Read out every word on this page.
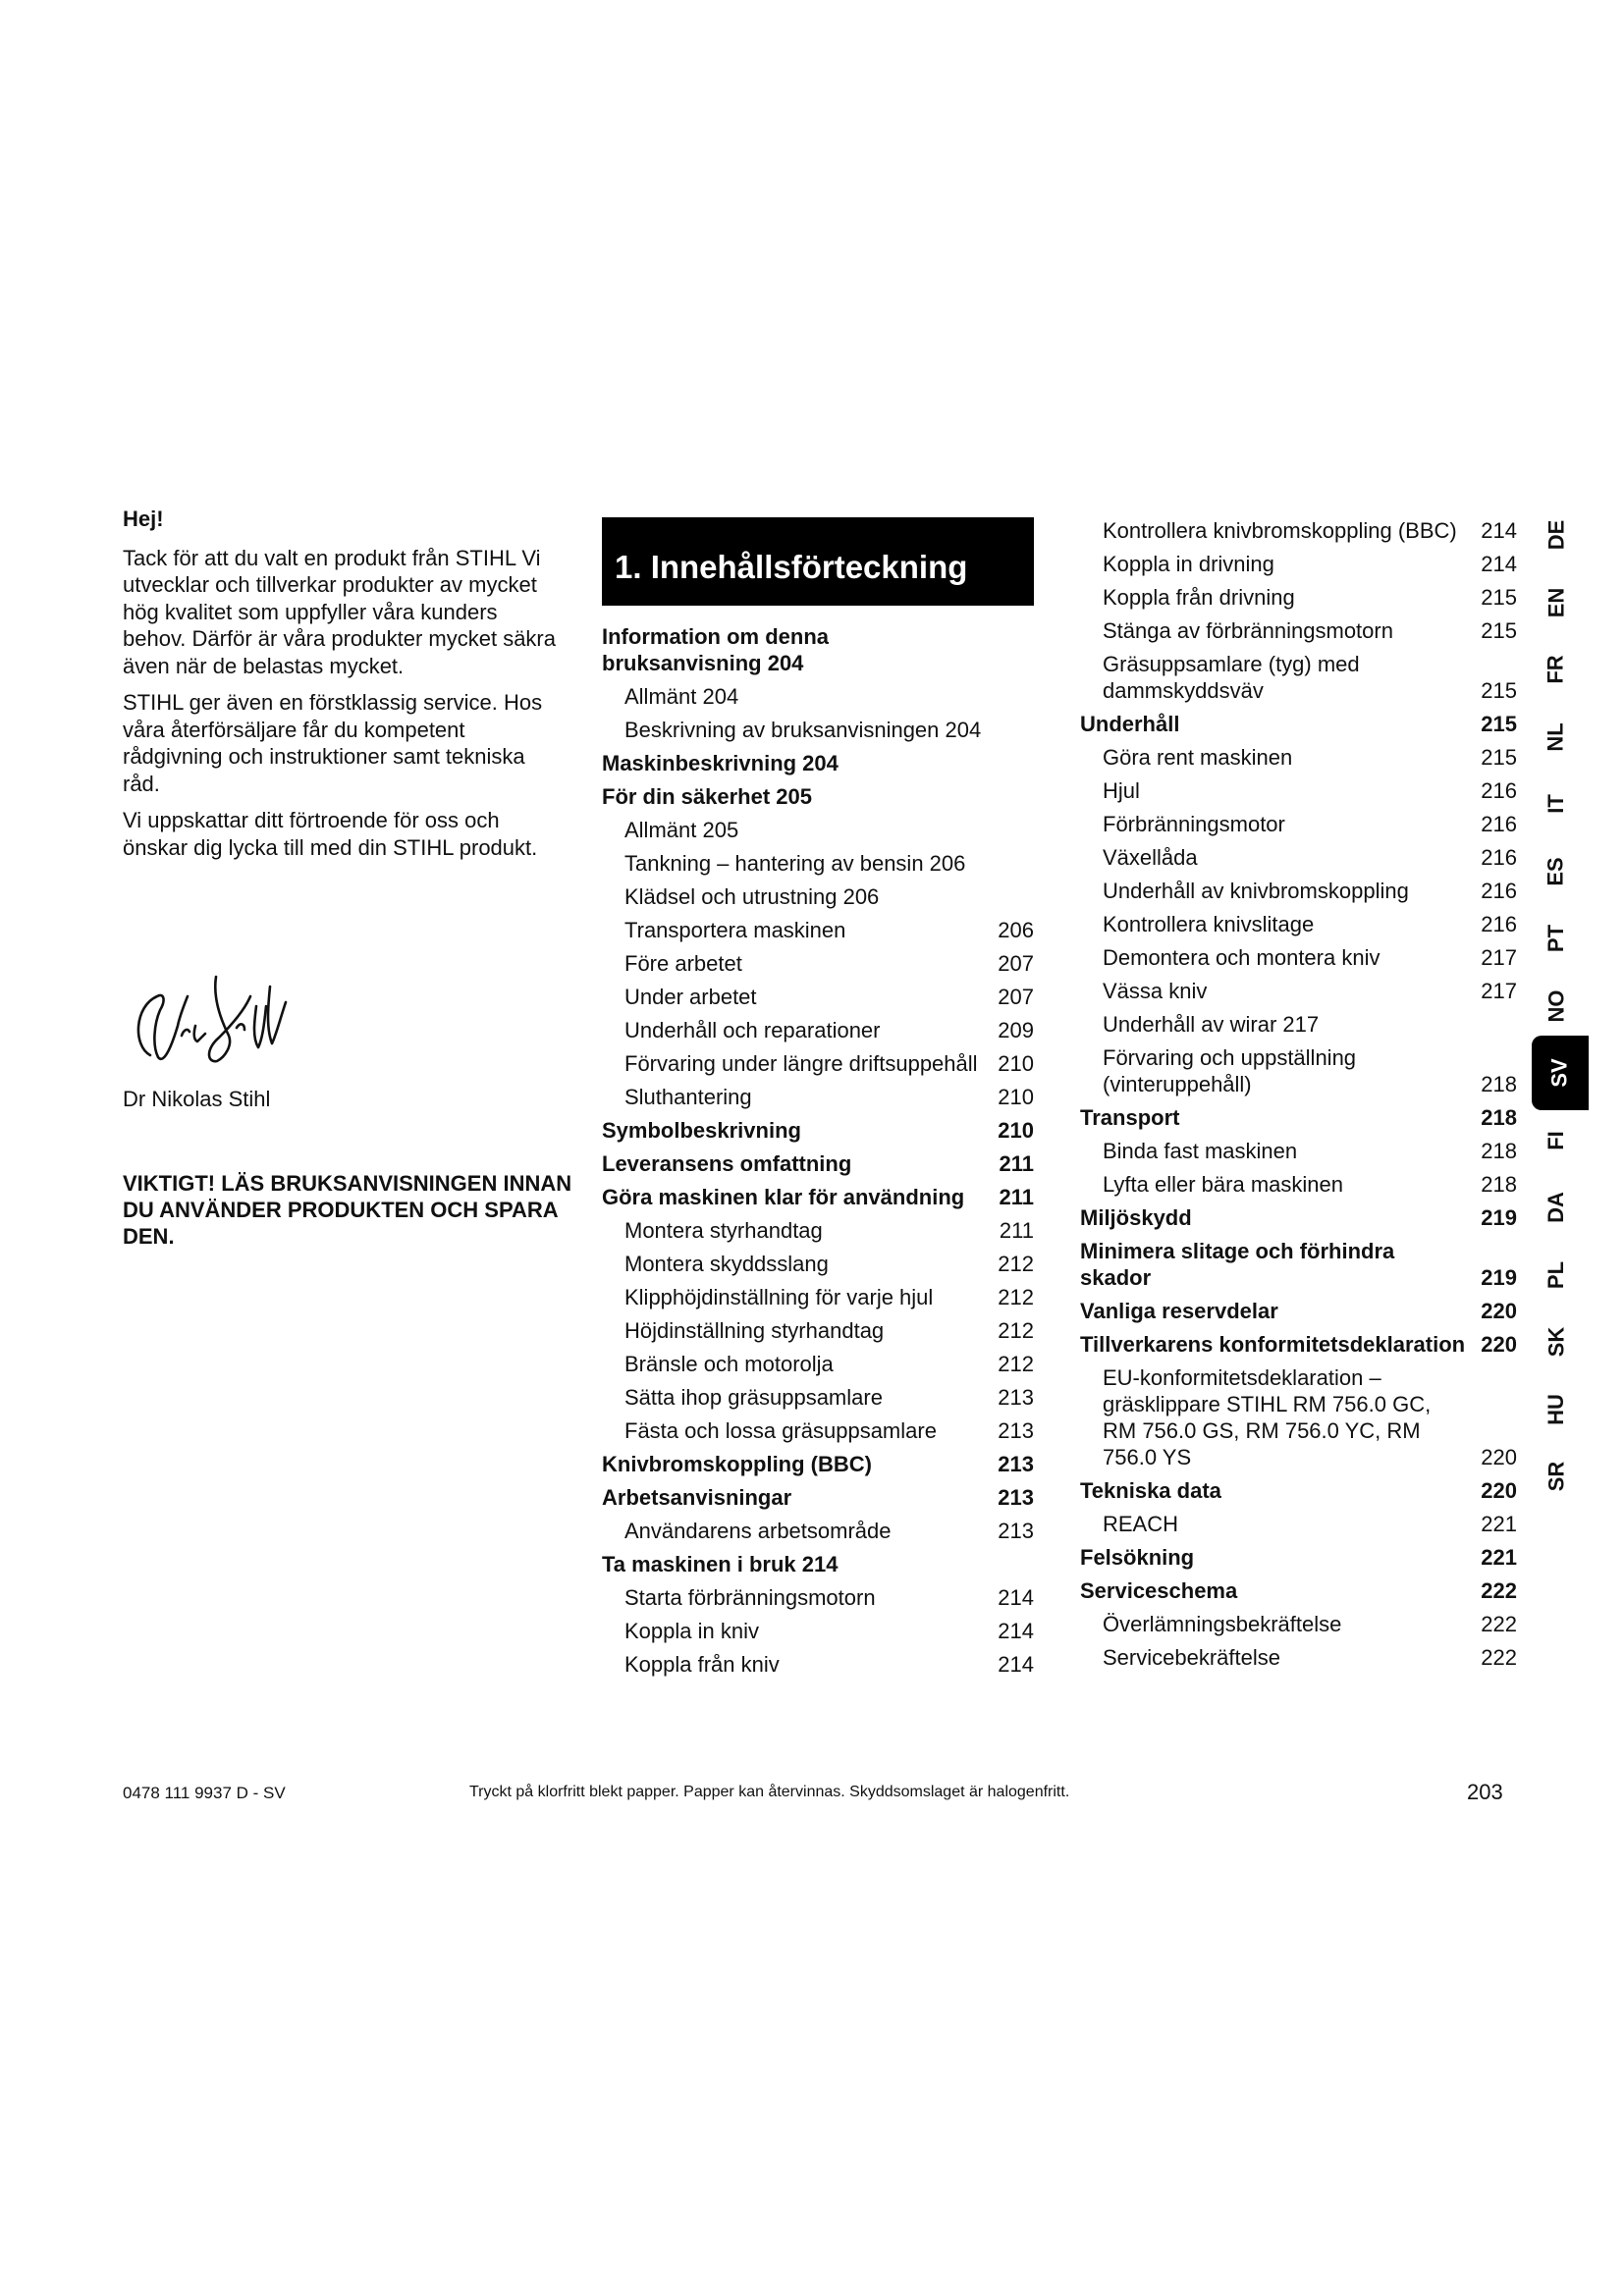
Hej!

Tack för att du valt en produkt från STIHL Vi utvecklar och tillverkar produkter av mycket hög kvalitet som uppfyller våra kunders behov. Därför är våra produkter mycket säkra även när de belastas mycket.

STIHL ger även en förstklassig service. Hos våra återförsäljare får du kompetent rådgivning och instruktioner samt tekniska råd.

Vi uppskattar ditt förtroende för oss och önskar dig lycka till med din STIHL produkt.

Dr Nikolas Stihl
VIKTIGT! LÄS BRUKSANVISNINGEN INNAN DU ANVÄNDER PRODUKTEN OCH SPARA DEN.
1. Innehållsförteckning
Information om denna bruksanvisning 204
Allmänt 204
Beskrivning av bruksanvisningen 204
Maskinbeskrivning 204
För din säkerhet 205
Allmänt 205
Tankning – hantering av bensin 206
Klädsel och utrustning 206
Transportera maskinen	206
Före arbetet	207
Under arbetet	207
Underhåll och reparationer	209
Förvaring under längre driftsuppehåll 210
Sluthantering	210
Symbolbeskrivning	210
Leveransens omfattning	211
Göra maskinen klar för användning	211
Montera styrhandtag	211
Montera skyddsslang	212
Klipphöjdinställning för varje hjul	212
Höjdinställning styrhandtag	212
Bränsle och motorolja	212
Sätta ihop gräsuppsamlare	213
Fästa och lossa gräsuppsamlare	213
Knivbromskoppling (BBC)	213
Arbetsanvisningar	213
Användarens arbetsområde	213
Ta maskinen i bruk 214
Starta förbränningsmotorn	214
Koppla in kniv	214
Koppla från kniv	214
Kontrollera knivbromskoppling (BBC)	214
Koppla in drivning	214
Koppla från drivning	215
Stänga av förbränningsmotorn	215
Gräsuppsamlare (tyg) med dammskyddsväv	215
Underhåll	215
Göra rent maskinen	215
Hjul	216
Förbränningsmotor	216
Växellåda	216
Underhåll av knivbromskoppling	216
Kontrollera knivslitage	216
Demontera och montera kniv	217
Vässa kniv	217
Underhåll av wirar 217
Förvaring och uppställning (vinteruppehåll)	218
Transport	218
Binda fast maskinen	218
Lyfta eller bära maskinen	218
Miljöskydd	219
Minimera slitage och förhindra skador	219
Vanliga reservdelar	220
Tillverkarens konformitetsdeklaration 220
EU-konformitetsdeklaration – gräsklippare STIHL RM 756.0 GC, RM 756.0 GS, RM 756.0 YC, RM 756.0 YS	220
Tekniska data	220
REACH	221
Felsökning	221
Serviceschema	222
Överlämningsbekräftelse	222
Servicebekräftelse	222
DE
EN
FR
NL
IT
ES
PT
NO
SV
FI
DA
PL
SK
HU
SR
0478 111 9937 D - SV	Tryckt på klorfritt blekt papper. Papper kan återvinnas. Skyddsomslaget är halogenfritt.	203
